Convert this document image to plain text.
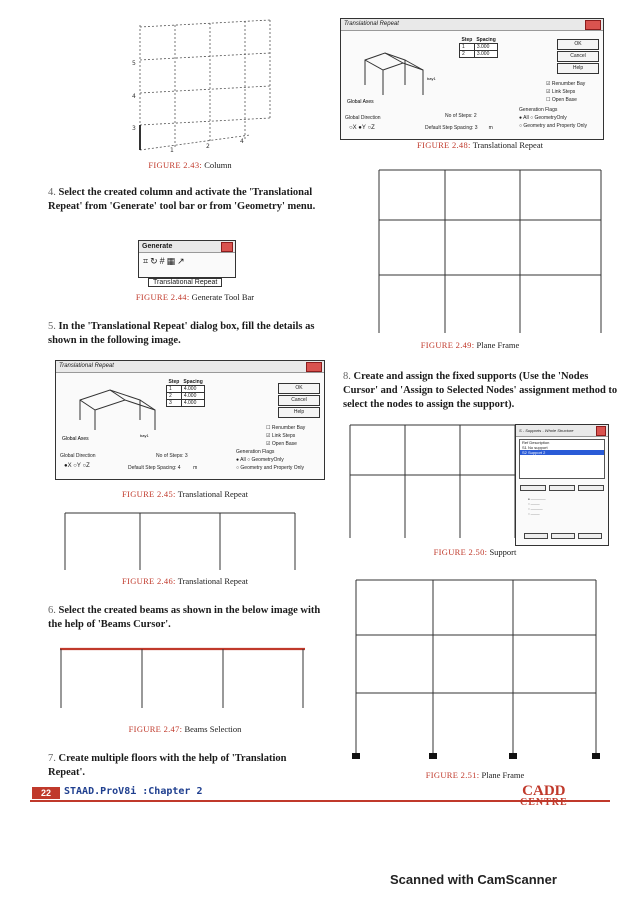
5
4
3
1
2
4
FIGURE 2.43: Column
4. Select the created column and activate the 'Translational Repeat' from 'Generate' tool bar or from 'Geometry' menu.
Generate
⌗↻#▦↗
Translational Repeat
FIGURE 2.44: Generate Tool Bar
5. In the 'Translational Repeat' dialog box, fill the details as shown in the following image.
Translational Repeat
Global Axes
bay1
Step	Spacing
1	4.000
2	4.000
3	4.000
OK
Cancel
Help
☐ Renumber Bay
☑ Link Steps
☑ Open Base
Global Direction
●X ○Y ○Z
No of Steps: 3
Default Step Spacing: 4	m
Generation Flags
● All ○ GeometryOnly
○ Geometry and Property Only
FIGURE 2.45: Translational Repeat
FIGURE 2.46: Translational Repeat
6. Select the created beams as shown in the below image with the help of 'Beams Cursor'.
FIGURE 2.47: Beams Selection
7. Create multiple floors with the help of 'Translation Repeat'.
Translational Repeat
Global Axes
bay1
Step	Spacing
1	3.000
2	3.000
OK
Cancel
Help
☑ Renumber Bay
☑ Link Steps
☐ Open Base
Global Direction
○X ●Y ○Z
No of Steps: 2
Default Step Spacing: 3 m
Generation Flags
● All ○ GeometryOnly
○ Geometry and Property Only
FIGURE 2.48: Translational Repeat
FIGURE 2.49: Plane Frame
8. Create and assign the fixed supports (Use the 'Nodes Cursor' and 'Assign to Selected Nodes' assignment method to select the nodes to assign the support).
S - Supports - Whole Structure
Ref Description
S1 No support
S2 Support 2
● —————
○ ———
○ ————
○ ———
FIGURE 2.50: Support
FIGURE 2.51: Plane Frame
22	STAAD.ProV8i :Chapter 2	CADD
CENTRE
Scanned with CamScanner
